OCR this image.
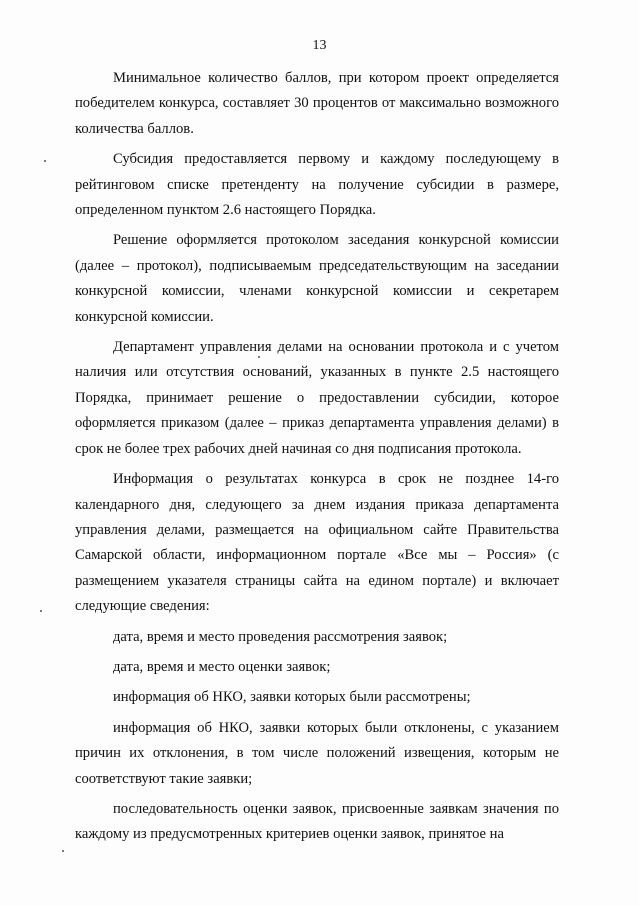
13

Минимальное количество баллов, при котором проект определяется победителем конкурса, составляет 30 процентов от максимально возможного количества баллов.

Субсидия предоставляется первому и каждому последующему в рейтинговом списке претенденту на получение субсидии в размере, определенном пунктом 2.6 настоящего Порядка.

Решение оформляется протоколом заседания конкурсной комиссии (далее – протокол), подписываемым председательствующим на заседании конкурсной комиссии, членами конкурсной комиссии и секретарем конкурсной комиссии.

Департамент управления делами на основании протокола и с учетом наличия или отсутствия оснований, указанных в пункте 2.5 настоящего Порядка, принимает решение о предоставлении субсидии, которое оформляется приказом (далее – приказ департамента управления делами) в срок не более трех рабочих дней начиная со дня подписания протокола.

Информация о результатах конкурса в срок не позднее 14-го календарного дня, следующего за днем издания приказа департамента управления делами, размещается на официальном сайте Правительства Самарской области, информационном портале «Все мы – Россия» (с размещением указателя страницы сайта на едином портале) и включает следующие сведения:

дата, время и место проведения рассмотрения заявок;

дата, время и место оценки заявок;

информация об НКО, заявки которых были рассмотрены;

информация об НКО, заявки которых были отклонены, с указанием причин их отклонения, в том числе положений извещения, которым не соответствуют такие заявки;

последовательность оценки заявок, присвоенные заявкам значения по каждому из предусмотренных критериев оценки заявок, принятое на
